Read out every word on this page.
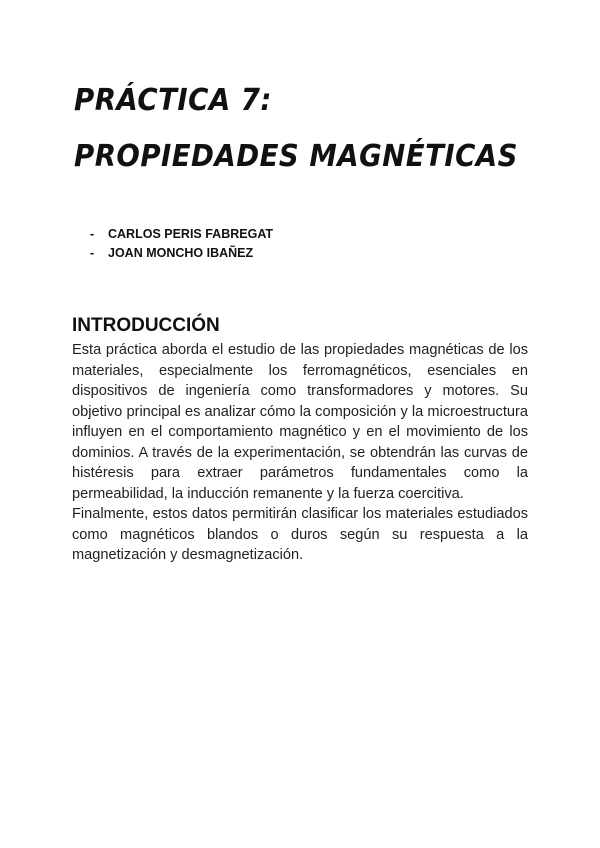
PRÁCTICA 7:
PROPIEDADES MAGNÉTICAS
- CARLOS PERIS FABREGAT
- JOAN MONCHO IBAÑEZ
INTRODUCCIÓN

Esta práctica aborda el estudio de las propiedades magnéticas de los materiales, especialmente los ferromagnéticos, esenciales en dispositivos de ingeniería como transformadores y motores. Su objetivo principal es analizar cómo la composición y la microestructura influyen en el comportamiento magnético y en el movimiento de los dominios. A través de la experimentación, se obtendrán las curvas de histéresis para extraer parámetros fundamentales como la permeabilidad, la inducción remanente y la fuerza coercitiva.

Finalmente, estos datos permitirán clasificar los materiales estudiados como magnéticos blandos o duros según su respuesta a la magnetización y desmagnetización.
